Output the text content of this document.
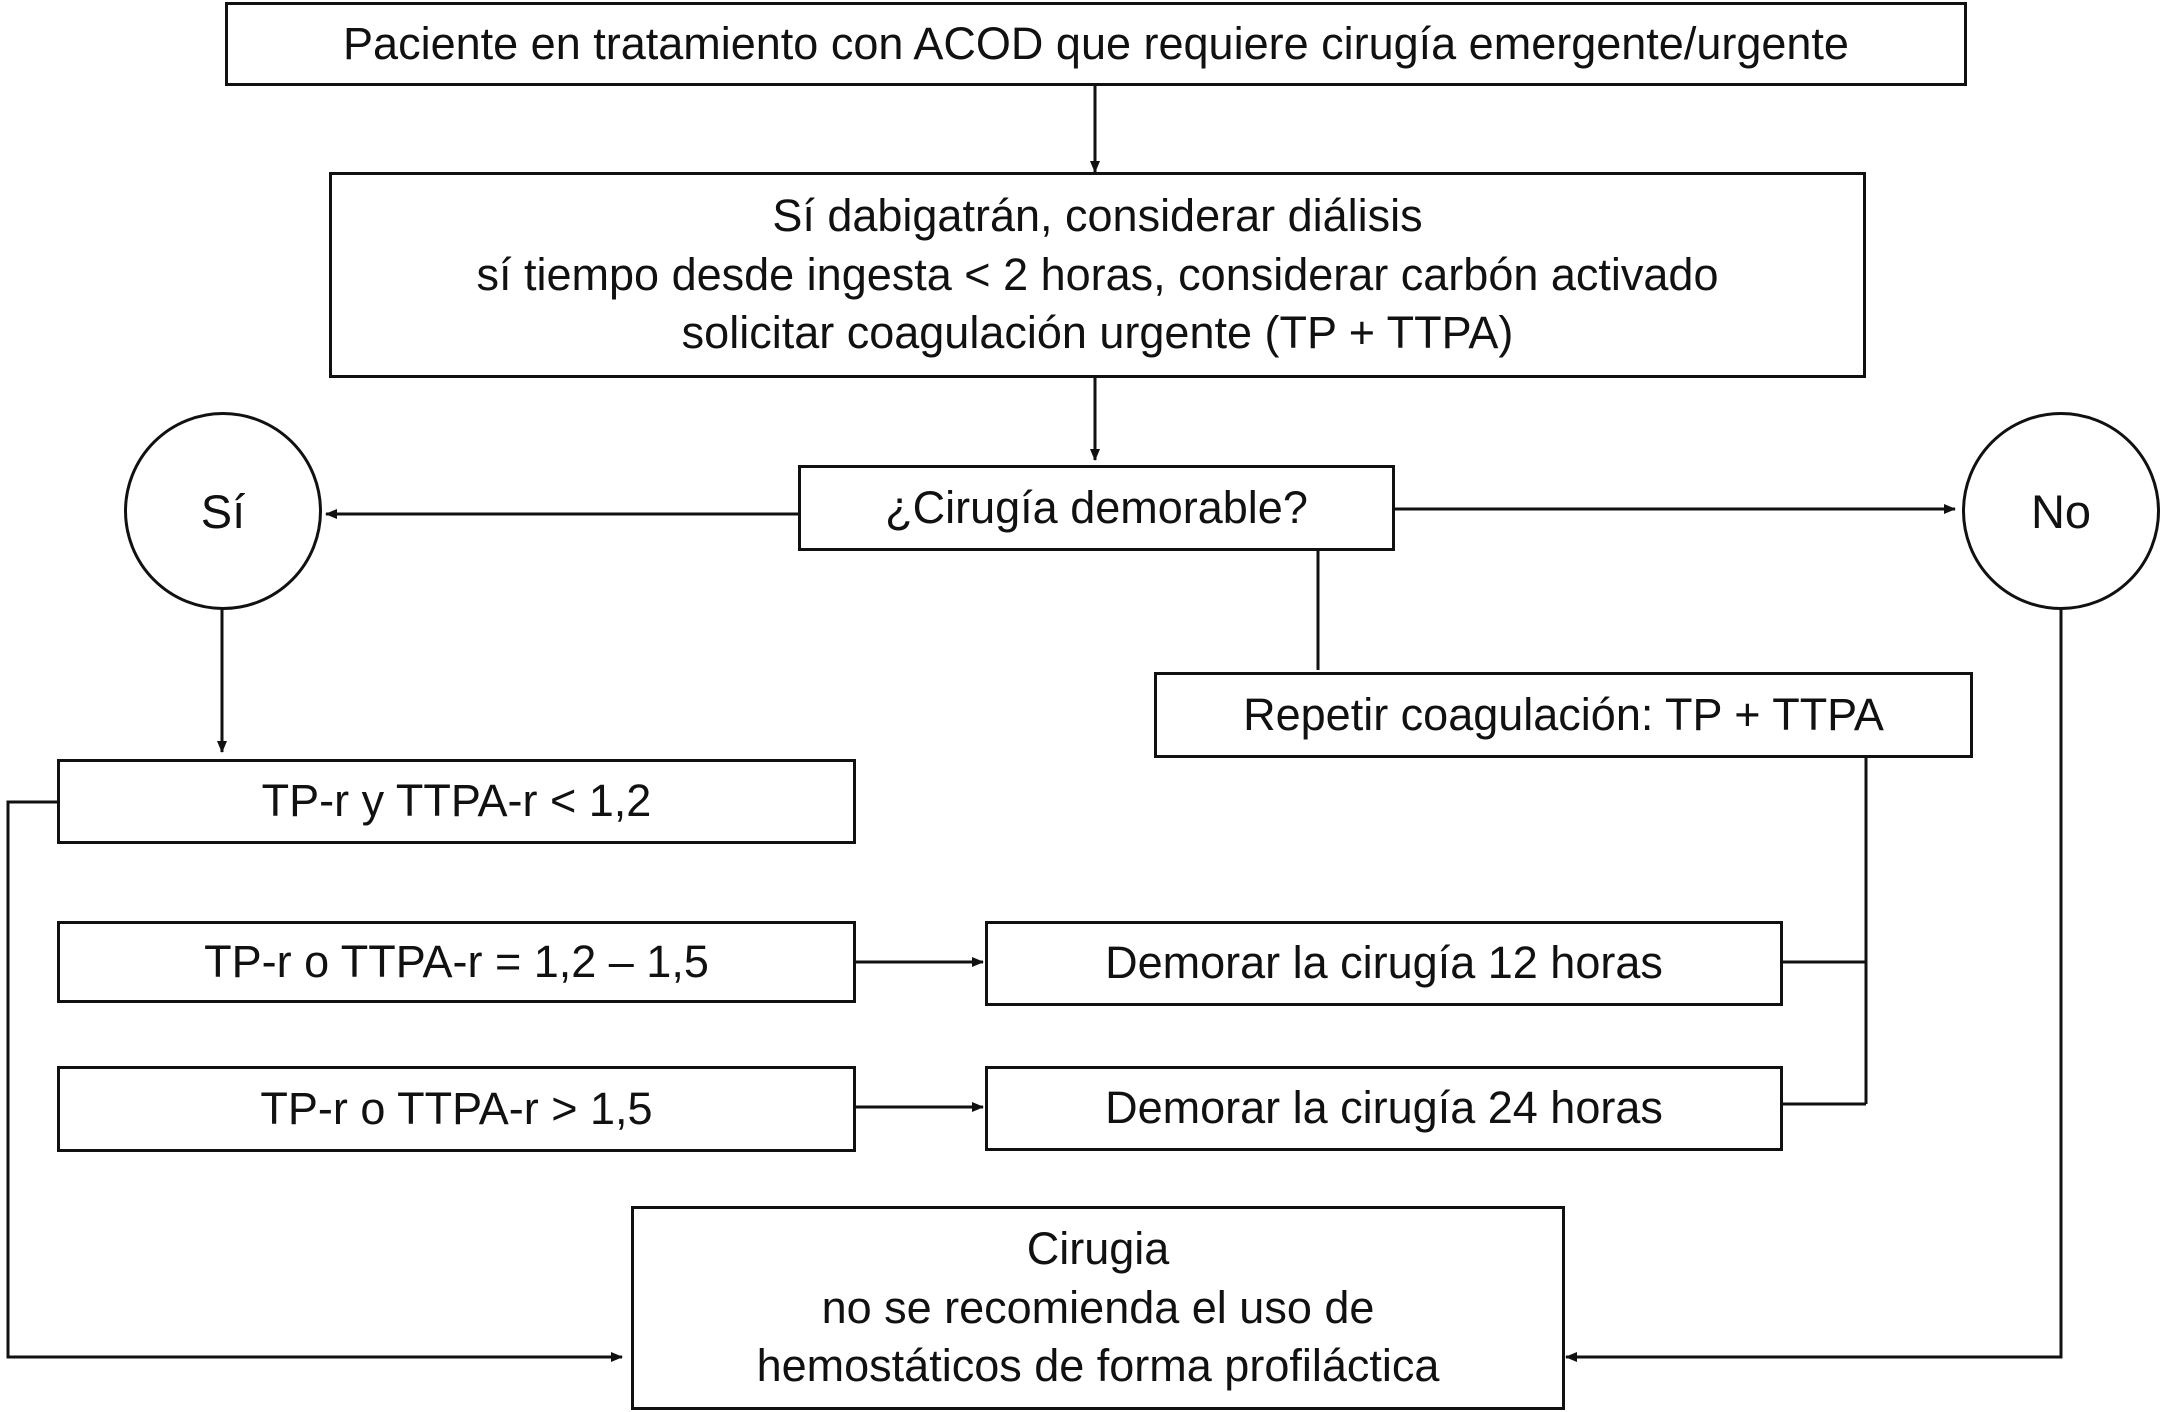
Paciente en tratamiento con ACOD que requiere cirugía emergente/urgente
Sí dabigatrán, considerar diálisis
sí tiempo desde ingesta < 2 horas, considerar carbón activado
solicitar coagulación urgente (TP + TTPA)
¿Cirugía demorable?
Sí	No
Repetir coagulación: TP + TTPA
TP-r y TTPA-r < 1,2
TP-r o TTPA-r = 1,2 – 1,5
TP-r o TTPA-r > 1,5
Demorar la cirugía 12 horas
Demorar la cirugía 24 horas
Cirugia
no se recomienda el uso de
hemostáticos de forma profiláctica
